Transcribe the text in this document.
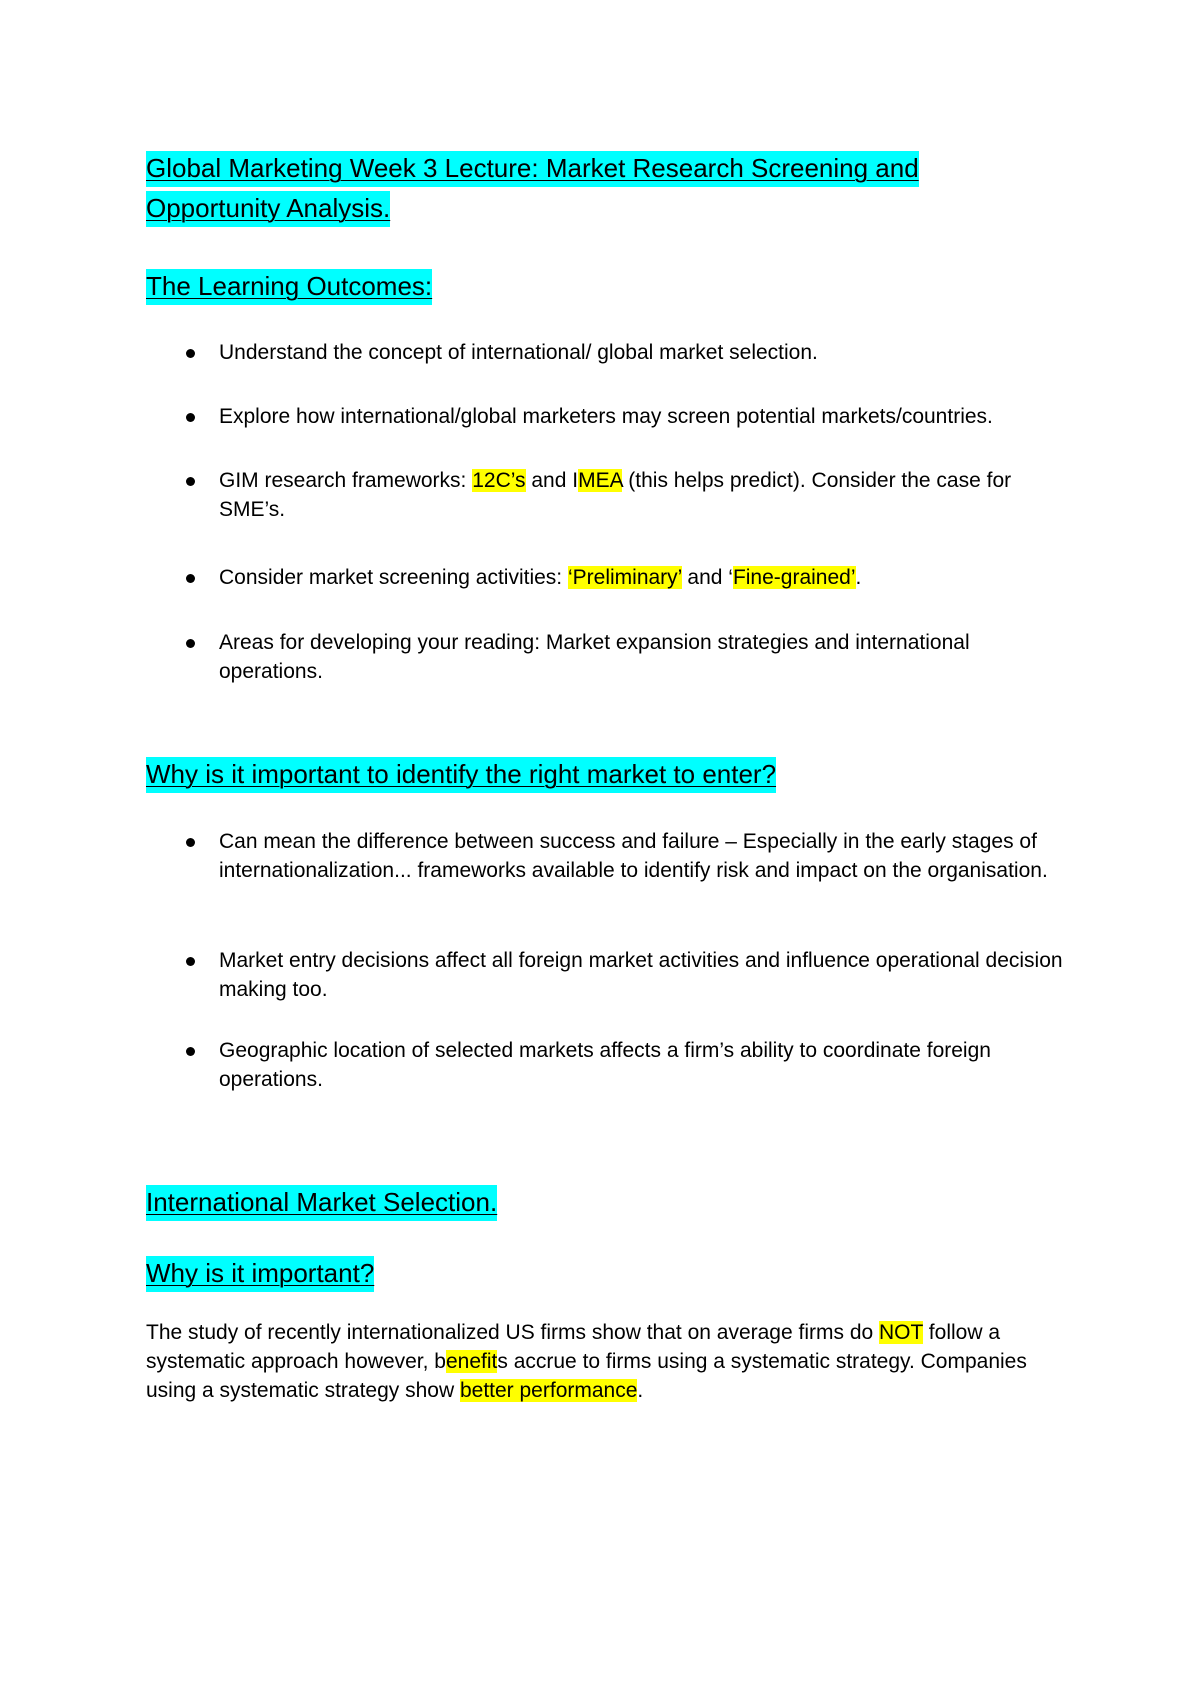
Global Marketing Week 3 Lecture: Market Research Screening and
Opportunity Analysis.
The Learning Outcomes:
Understand the concept of international/ global market selection.
Explore how international/global marketers may screen potential markets/countries.
GIM research frameworks: 12C’s and IMEA (this helps predict). Consider the case for SME’s.
Consider market screening activities: ‘Preliminary’ and ‘Fine-grained’.
Areas for developing your reading: Market expansion strategies and international operations.
Why is it important to identify the right market to enter?
Can mean the difference between success and failure – Especially in the early stages of internationalization... frameworks available to identify risk and impact on the organisation.
Market entry decisions affect all foreign market activities and influence operational decision making too.
Geographic location of selected markets affects a firm’s ability to coordinate foreign operations.
International Market Selection.
Why is it important?

The study of recently internationalized US firms show that on average firms do NOT follow a systematic approach however, benefits accrue to firms using a systematic strategy. Companies using a systematic strategy show better performance.
